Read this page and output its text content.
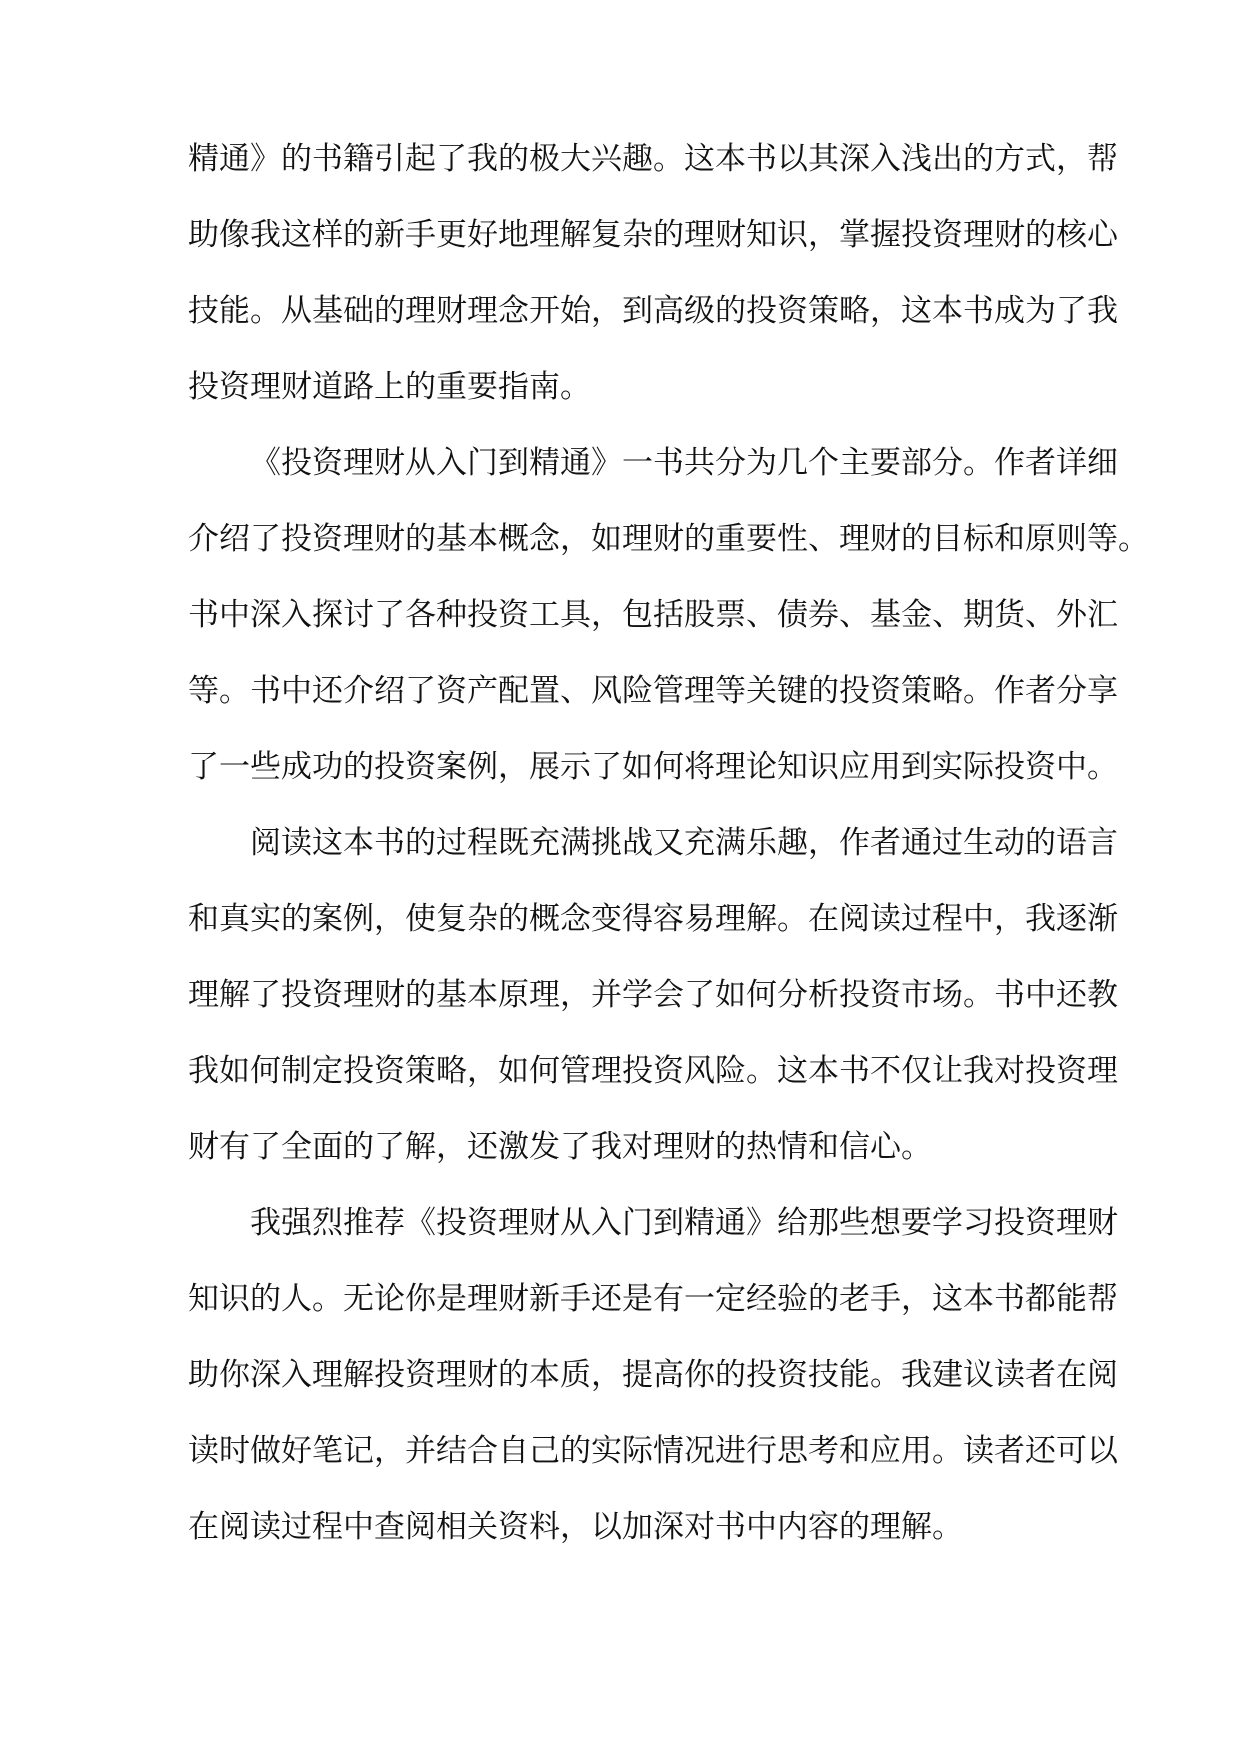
精通》的书籍引起了我的极大兴趣。这本书以其深入浅出的方式，帮
助像我这样的新手更好地理解复杂的理财知识，掌握投资理财的核心
技能。从基础的理财理念开始，到高级的投资策略，这本书成为了我
投资理财道路上的重要指南。
《投资理财从入门到精通》一书共分为几个主要部分。作者详细
介绍了投资理财的基本概念，如理财的重要性、理财的目标和原则等。
书中深入探讨了各种投资工具，包括股票、债券、基金、期货、外汇
等。书中还介绍了资产配置、风险管理等关键的投资策略。作者分享
了一些成功的投资案例，展示了如何将理论知识应用到实际投资中。
阅读这本书的过程既充满挑战又充满乐趣，作者通过生动的语言
和真实的案例，使复杂的概念变得容易理解。在阅读过程中，我逐渐
理解了投资理财的基本原理，并学会了如何分析投资市场。书中还教
我如何制定投资策略，如何管理投资风险。这本书不仅让我对投资理
财有了全面的了解，还激发了我对理财的热情和信心。
我强烈推荐《投资理财从入门到精通》给那些想要学习投资理财
知识的人。无论你是理财新手还是有一定经验的老手，这本书都能帮
助你深入理解投资理财的本质，提高你的投资技能。我建议读者在阅
读时做好笔记，并结合自己的实际情况进行思考和应用。读者还可以
在阅读过程中查阅相关资料，以加深对书中内容的理解。
